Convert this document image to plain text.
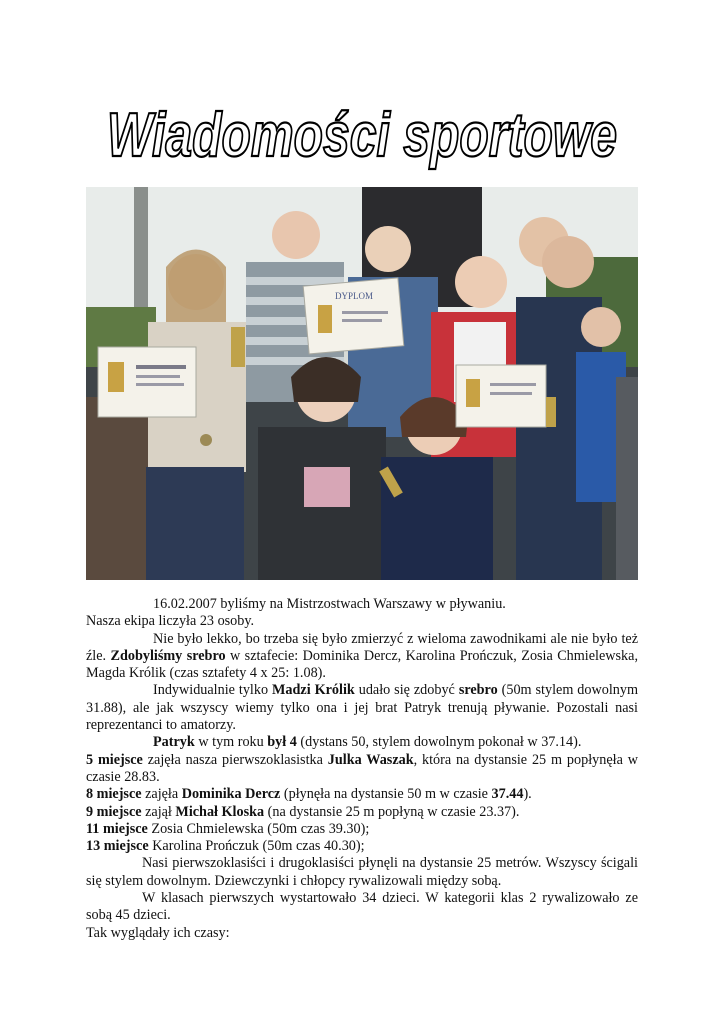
Wiadomości sportowe
DYPLOM

16.02.2007 byliśmy na Mistrzostwach Warszawy w pływaniu.

Nasza ekipa liczyła 23 osoby.

Nie było lekko, bo trzeba się było zmierzyć z wieloma zawodnikami ale nie było też źle. Zdobyliśmy srebro w sztafecie: Dominika Dercz, Karolina Prończuk, Zosia Chmielewska, Magda Królik (czas sztafety 4 x 25: 1.08).

Indywidualnie tylko Madzi Królik udało się zdobyć srebro (50m stylem dowolnym 31.88), ale jak wszyscy wiemy tylko ona i jej brat Patryk trenują pływanie. Pozostali nasi reprezentanci to amatorzy.

Patryk w tym roku był 4 (dystans 50, stylem dowolnym pokonał w 37.14).

5 miejsce zajęła nasza pierwszoklasistka Julka Waszak, która na dystansie 25 m popłynęła w czasie 28.83.

8 miejsce zajęła Dominika Dercz (płynęła na dystansie 50 m w czasie 37.44).

9 miejsce zajął Michał Kloska (na dystansie 25 m popłyną w czasie 23.37).

11 miejsce Zosia Chmielewska (50m czas 39.30);

13 miejsce Karolina Prończuk (50m czas 40.30);

Nasi pierwszoklasiści i drugoklasiści płynęli na dystansie 25 metrów. Wszyscy ścigali się stylem dowolnym. Dziewczynki i chłopcy rywalizowali między sobą.

W klasach pierwszych wystartowało 34 dzieci. W kategorii klas 2 rywalizowało ze sobą 45 dzieci.

Tak wyglądały ich czasy:
